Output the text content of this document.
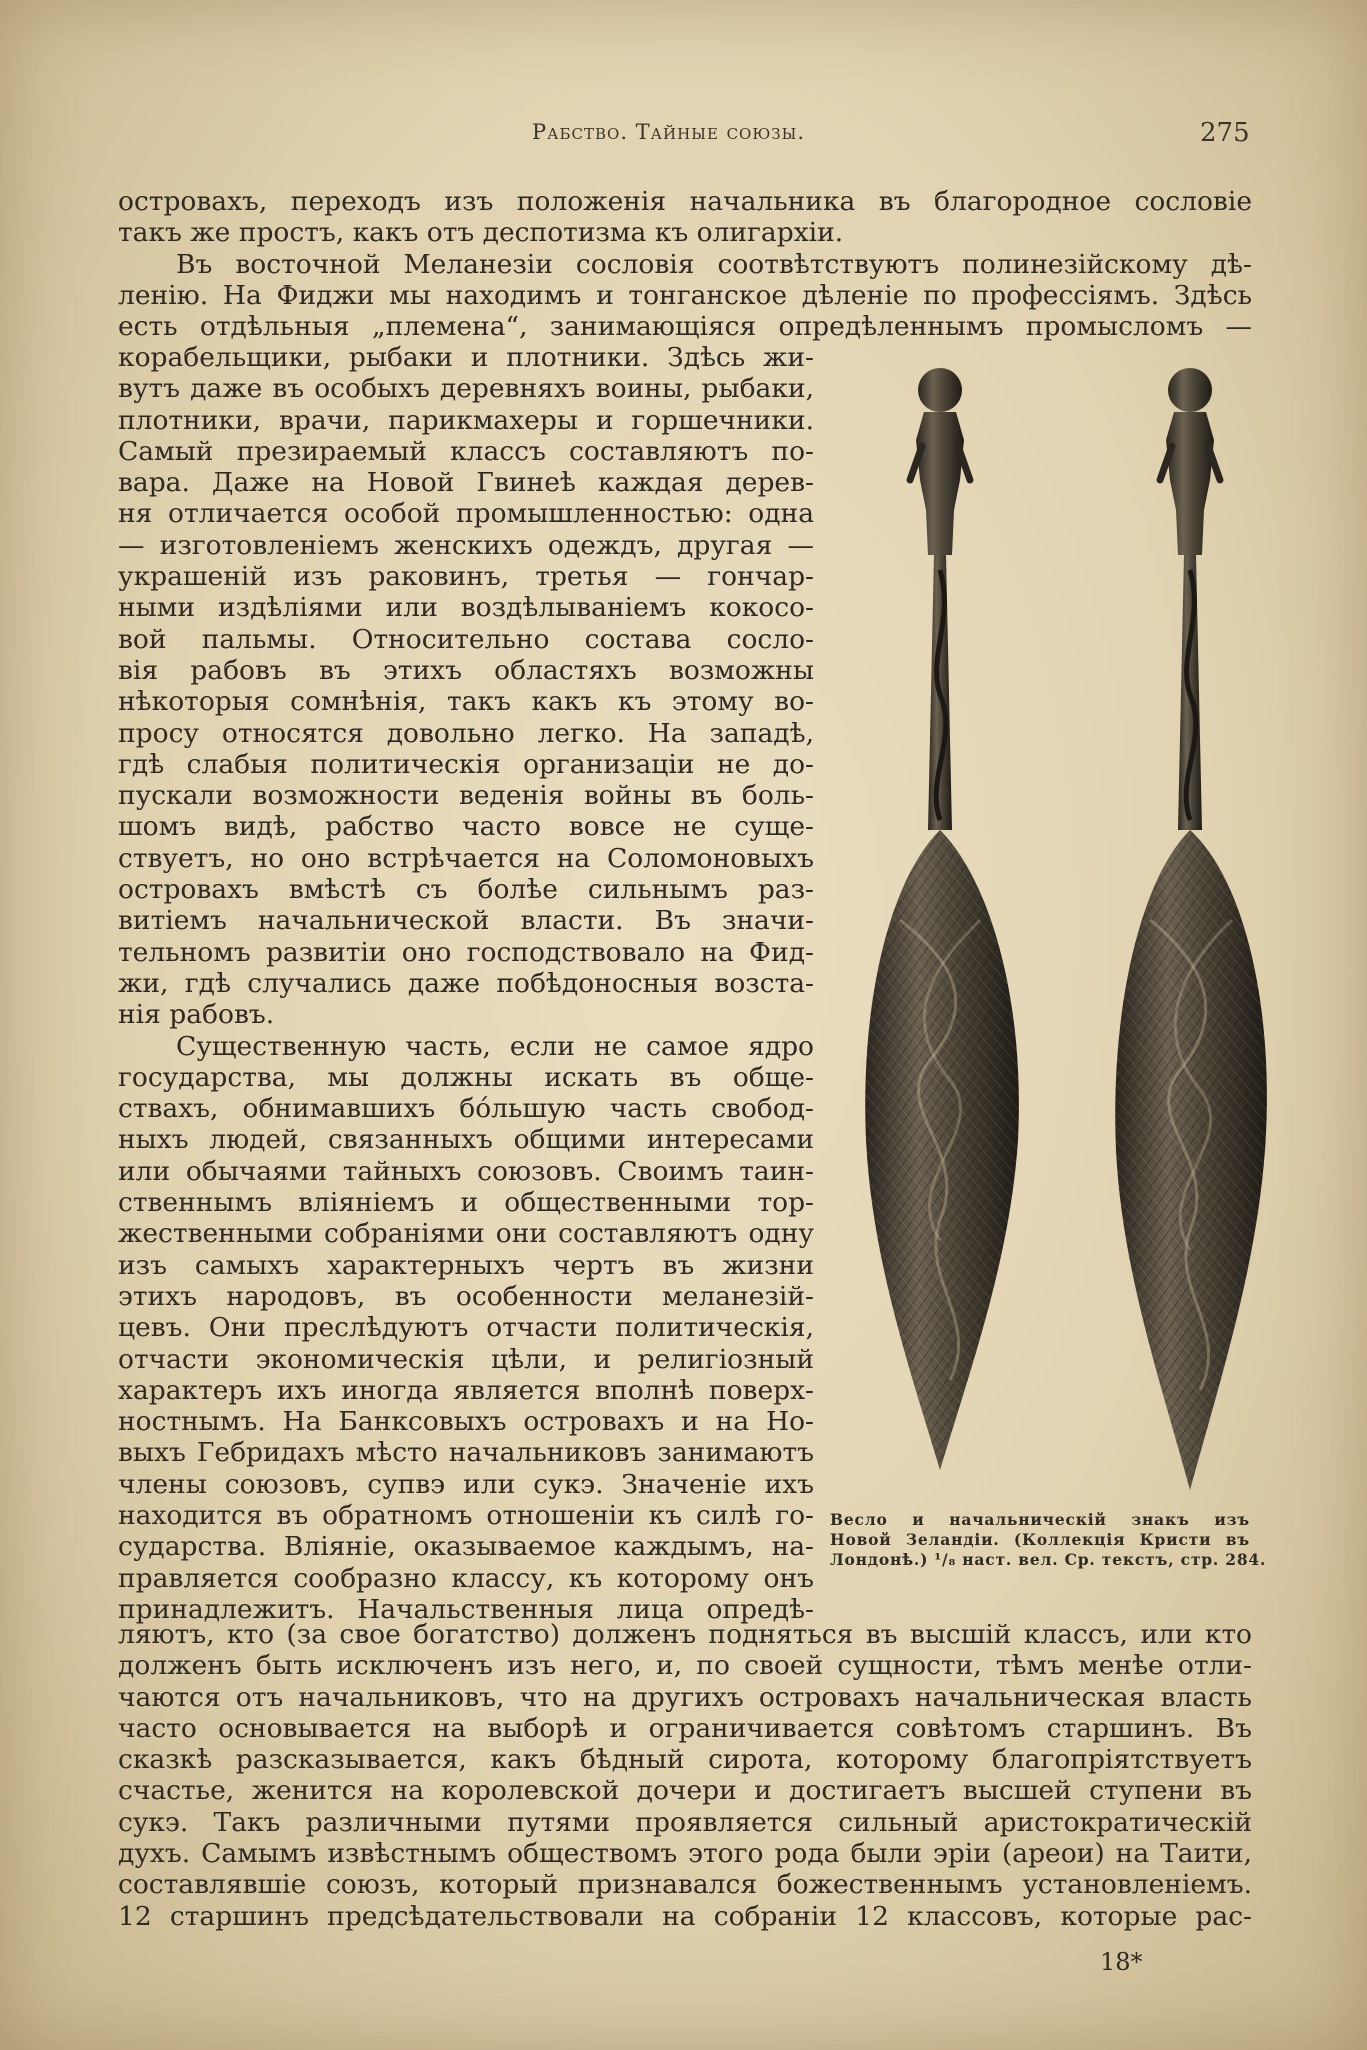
Рабство. Тайные союзы.	275
островахъ, переходъ изъ положенія начальника въ благородное сословіе
такъ же простъ, какъ отъ деспотизма къ олигархіи.
Въ восточной Меланезіи сословія соотвѣтствуютъ полинезійскому дѣ-
ленію. На Фиджи мы находимъ и тонганское дѣленіе по профессіямъ. Здѣсь
есть отдѣльныя „племена“, занимающіяся опредѣленнымъ промысломъ —
корабельщики, рыбаки и плотники. Здѣсь жи-
вутъ даже въ особыхъ деревняхъ воины, рыбаки,
плотники, врачи, парикмахеры и горшечники.
Самый презираемый классъ составляютъ по-
вара. Даже на Новой Гвинеѣ каждая дерев-
ня отличается особой промышленностью: одна
— изготовленіемъ женскихъ одеждъ, другая —
украшеній изъ раковинъ, третья — гончар-
ными издѣліями или воздѣлываніемъ кокосо-
вой пальмы. Относительно состава сосло-
вія рабовъ въ этихъ областяхъ возможны
нѣкоторыя сомнѣнія, такъ какъ къ этому во-
просу относятся довольно легко. На западѣ,
гдѣ слабыя политическія организаціи не до-
пускали возможности веденія войны въ боль-
шомъ видѣ, рабство часто вовсе не суще-
ствуетъ, но оно встрѣчается на Соломоновыхъ
островахъ вмѣстѣ съ болѣе сильнымъ раз-
витіемъ начальнической власти. Въ значи-
тельномъ развитіи оно господствовало на Фид-
жи, гдѣ случались даже побѣдоносныя возста-
нія рабовъ.
Существенную часть, если не самое ядро
государства, мы должны искать въ обще-
ствахъ, обнимавшихъ бо́льшую часть свобод-
ныхъ людей, связанныхъ общими интересами
или обычаями тайныхъ союзовъ. Своимъ таин-
ственнымъ вліяніемъ и общественными тор-
жественными собраніями они составляютъ одну
изъ самыхъ характерныхъ чертъ въ жизни
этихъ народовъ, въ особенности меланезій-
цевъ. Они преслѣдуютъ отчасти политическія,
отчасти экономическія цѣли, и религіозный
характеръ ихъ иногда является вполнѣ поверх-
ностнымъ. На Банксовыхъ островахъ и на Но-
выхъ Гебридахъ мѣсто начальниковъ занимаютъ
члены союзовъ, супвэ или сукэ. Значеніе ихъ
находится въ обратномъ отношеніи къ силѣ го-
сударства. Вліяніе, оказываемое каждымъ, на-
правляется сообразно классу, къ которому онъ
принадлежитъ. Начальственныя лица опредѣ-
Весло и начальническій знакъ изъ
Новой Зеландіи. (Коллекція Кристи въ
Лондонѣ.) ¹/₈ наст. вел. Ср. текстъ, стр. 284.
ляютъ, кто (за свое богатство) долженъ подняться въ высшій классъ, или кто
долженъ быть исключенъ изъ него, и, по своей сущности, тѣмъ менѣе отли-
чаются отъ начальниковъ, что на другихъ островахъ начальническая власть
часто основывается на выборѣ и ограничивается совѣтомъ старшинъ. Въ
сказкѣ разсказывается, какъ бѣдный сирота, которому благопріятствуетъ
счастье, женится на королевской дочери и достигаетъ высшей ступени въ
сукэ. Такъ различными путями проявляется сильный аристократическій
духъ. Самымъ извѣстнымъ обществомъ этого рода были эріи (ареои) на Таити,
составлявшіе союзъ, который признавался божественнымъ установленіемъ.
12 старшинъ предсѣдательствовали на собраніи 12 классовъ, которые рас-
18*
